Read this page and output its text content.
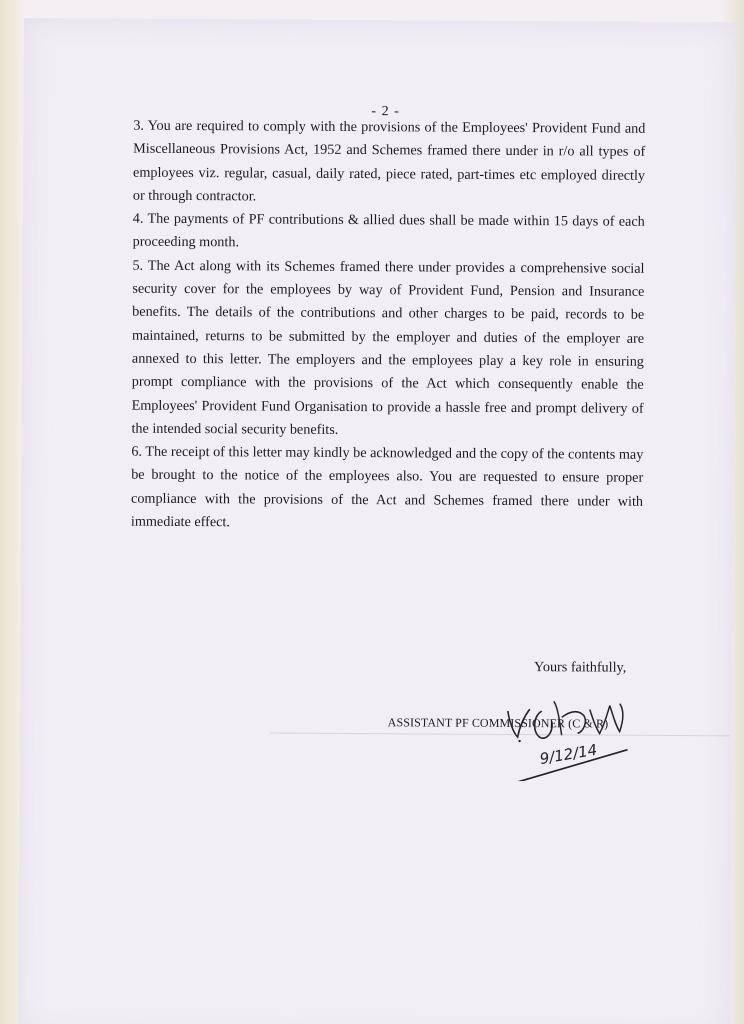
- 2 -

3. You are required to comply with the provisions of the Employees' Provident Fund and Miscellaneous Provisions Act, 1952 and Schemes framed there under in r/o all types of employees viz. regular, casual, daily rated, piece rated, part-times etc employed directly or through contractor.

4. The payments of PF contributions & allied dues shall be made within 15 days of each proceeding month.

5. The Act along with its Schemes framed there under provides a comprehensive social security cover for the employees by way of Provident Fund, Pension and Insurance benefits. The details of the contributions and other charges to be paid, records to be maintained, returns to be submitted by the employer and duties of the employer are annexed to this letter. The employers and the employees play a key role in ensuring prompt compliance with the provisions of the Act which consequently enable the Employees' Provident Fund Organisation to provide a hassle free and prompt delivery of the intended social security benefits.

6. The receipt of this letter may kindly be acknowledged and the copy of the contents may be brought to the notice of the employees also. You are requested to ensure proper compliance with the provisions of the Act and Schemes framed there under with immediate effect.

Yours faithfully,
ASSISTANT PF COMMISSIONER (C & R)
9/12/14
